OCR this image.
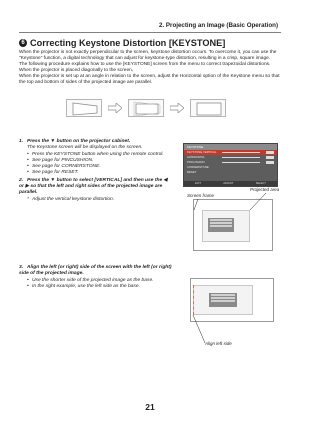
2. Projecting an Image (Basic Operation)
6 Correcting Keystone Distortion [KEYSTONE]

When the projector is not exactly perpendicular to the screen, keystone distortion occurs. To overcome it, you can use the "Keystone" function, a digital technology that can adjust for keystone-type distortion, resulting in a crisp, square image.

The following procedure explains how to use the [KEYSTONE] screen from the menu to correct trapezoidal distortions.

When the projector is placed diagonally to the screen,

When the projector is set up at an angle in relation to the screen, adjust the Horizontal option of the Keystone menu so that the top and bottom of sides of the projected image are parallel.

1. Press the ▼ button on the projector cabinet.
The Keystone screen will be displayed on the screen.
• Press the KEYSTONE button when using the remote control.
• See page for PINCUSHION.
• See page for CORNERSTONE.
• See page for RESET.
2. Press the ▼ button to select [VERTICAL] and then use the ◀ or ▶ so that the left and right sides of the projected image are parallel.
* Adjust the vertical keystone distortion.
KEYSTONE
KEYSTONE VERTICAL
HORIZONTAL
PINCUSHION
CORNERSTONE
RESET
EXIT	ADJUST	SELECT
Projected area
Screen frame
3. Align the left (or right) side of the screen with the left (or right) side of the projected image.
• Use the shorter side of the projected image as the base.
• In the right example, use the left side as the base.
Align left side
21
